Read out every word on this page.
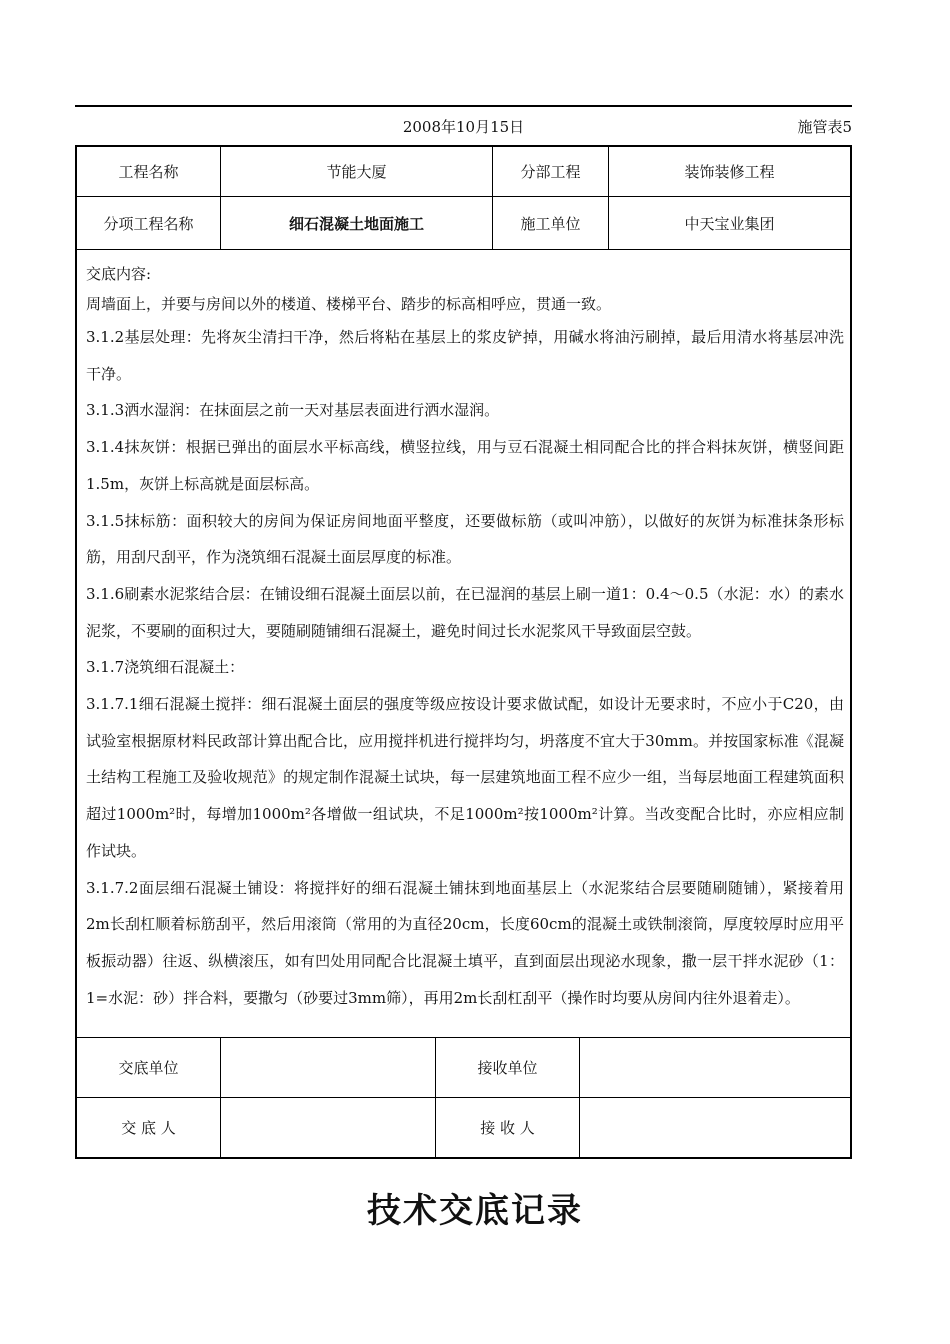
2008年10月15日	施管表5
工程名称	节能大厦	分部工程	装饰装修工程
分项工程名称	细石混凝土地面施工	施工单位	中天宝业集团

交底内容:

周墙面上，并要与房间以外的楼道、楼梯平台、踏步的标高相呼应，贯通一致。

3.1.2基层处理：先将灰尘清扫干净，然后将粘在基层上的浆皮铲掉，用碱水将油污刷掉，最后用清水将基层冲洗干净。

3.1.3洒水湿润：在抹面层之前一天对基层表面进行洒水湿润。

3.1.4抹灰饼：根据已弹出的面层水平标高线，横竖拉线，用与豆石混凝土相同配合比的拌合料抹灰饼，横竖间距1.5m，灰饼上标高就是面层标高。

3.1.5抹标筋：面积较大的房间为保证房间地面平整度，还要做标筋（或叫冲筋），以做好的灰饼为标准抹条形标筋，用刮尺刮平，作为浇筑细石混凝土面层厚度的标准。

3.1.6刷素水泥浆结合层：在铺设细石混凝土面层以前，在已湿润的基层上刷一道1：0.4～0.5（水泥：水）的素水泥浆，不要刷的面积过大，要随刷随铺细石混凝土，避免时间过长水泥浆风干导致面层空鼓。

3.1.7浇筑细石混凝土：

3.1.7.1细石混凝土搅拌：细石混凝土面层的强度等级应按设计要求做试配，如设计无要求时，不应小于C20，由试验室根据原材料民政部计算出配合比，应用搅拌机进行搅拌均匀，坍落度不宜大于30mm。并按国家标准《混凝土结构工程施工及验收规范》的规定制作混凝土试块，每一层建筑地面工程不应少一组，当每层地面工程建筑面积超过1000m²时，每增加1000m²各增做一组试块，不足1000m²按1000m²计算。当改变配合比时，亦应相应制作试块。

3.1.7.2面层细石混凝土铺设：将搅拌好的细石混凝土铺抹到地面基层上（水泥浆结合层要随刷随铺），紧接着用2m长刮杠顺着标筋刮平，然后用滚筒（常用的为直径20cm，长度60cm的混凝土或铁制滚筒，厚度较厚时应用平板振动器）往返、纵横滚压，如有凹处用同配合比混凝土填平，直到面层出现泌水现象，撒一层干拌水泥砂（1：1=水泥：砂）拌合料，要撒匀（砂要过3mm筛），再用2m长刮杠刮平（操作时均要从房间内往外退着走）。

交底单位	接收单位
交 底 人	接 收 人
技术交底记录
